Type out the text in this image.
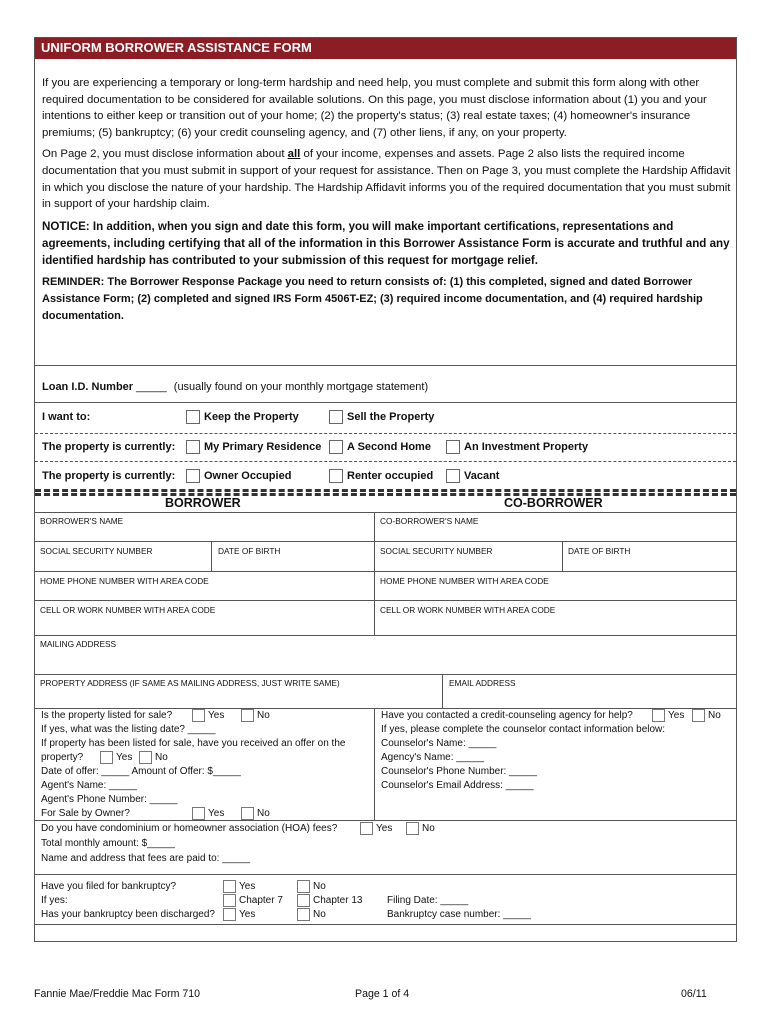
UNIFORM BORROWER ASSISTANCE FORM

If you are experiencing a temporary or long-term hardship and need help, you must complete and submit this form along with other required documentation to be considered for available solutions. On this page, you must disclose information about (1) you and your intentions to either keep or transition out of your home; (2) the property's status; (3) real estate taxes; (4) homeowner's insurance premiums; (5) bankruptcy; (6) your credit counseling agency, and (7) other liens, if any, on your property.

On Page 2, you must disclose information about all of your income, expenses and assets. Page 2 also lists the required income documentation that you must submit in support of your request for assistance. Then on Page 3, you must complete the Hardship Affidavit in which you disclose the nature of your hardship. The Hardship Affidavit informs you of the required documentation that you must submit in support of your hardship claim.

NOTICE: In addition, when you sign and date this form, you will make important certifications, representations and agreements, including certifying that all of the information in this Borrower Assistance Form is accurate and truthful and any identified hardship has contributed to your submission of this request for mortgage relief.

REMINDER: The Borrower Response Package you need to return consists of: (1) this completed, signed and dated Borrower Assistance Form; (2) completed and signed IRS Form 4506T-EZ; (3) required income documentation, and (4) required hardship documentation.

Loan I.D. Number _____ (usually found on your monthly mortgage statement)
I want to:	Keep the Property	Sell the Property
The property is currently:	My Primary Residence A Second Home	An Investment Property
The property is currently:	Owner Occupied	Renter occupied	Vacant
BORROWER	CO-BORROWER
BORROWER'S NAME	CO-BORROWER'S NAME
SOCIAL SECURITY NUMBER	DATE OF BIRTH	SOCIAL SECURITY NUMBER	DATE OF BIRTH
HOME PHONE NUMBER WITH AREA CODE	HOME PHONE NUMBER WITH AREA CODE
CELL OR WORK NUMBER WITH AREA CODE	CELL OR WORK NUMBER WITH AREA CODE
MAILING ADDRESS
PROPERTY ADDRESS (IF SAME AS MAILING ADDRESS, JUST WRITE SAME)	EMAIL ADDRESS
Is the property listed for sale?	Yes	No
If yes, what was the listing date? _____
If property has been listed for sale, have you received an offer on the
property?	Yes No
Date of offer: _____ Amount of Offer: $_____
Agent's Name: _____
Agent's Phone Number: _____
For Sale by Owner?	Yes	No
Have you contacted a credit-counseling agency for help?	Yes No
If yes, please complete the counselor contact information below:
Counselor's Name: _____
Agency's Name: _____
Counselor's Phone Number: _____
Counselor's Email Address: _____
Do you have condominium or homeowner association (HOA) fees?	Yes	No
Total monthly amount: $_____
Name and address that fees are paid to: _____
Have you filed for bankruptcy?	Yes	No
If yes:	Chapter 7	Chapter 13 Filing Date: _____
Has your bankruptcy been discharged? Yes	No	Bankruptcy case number: _____
Fannie Mae/Freddie Mac Form 710	Page 1 of 4	06/11
